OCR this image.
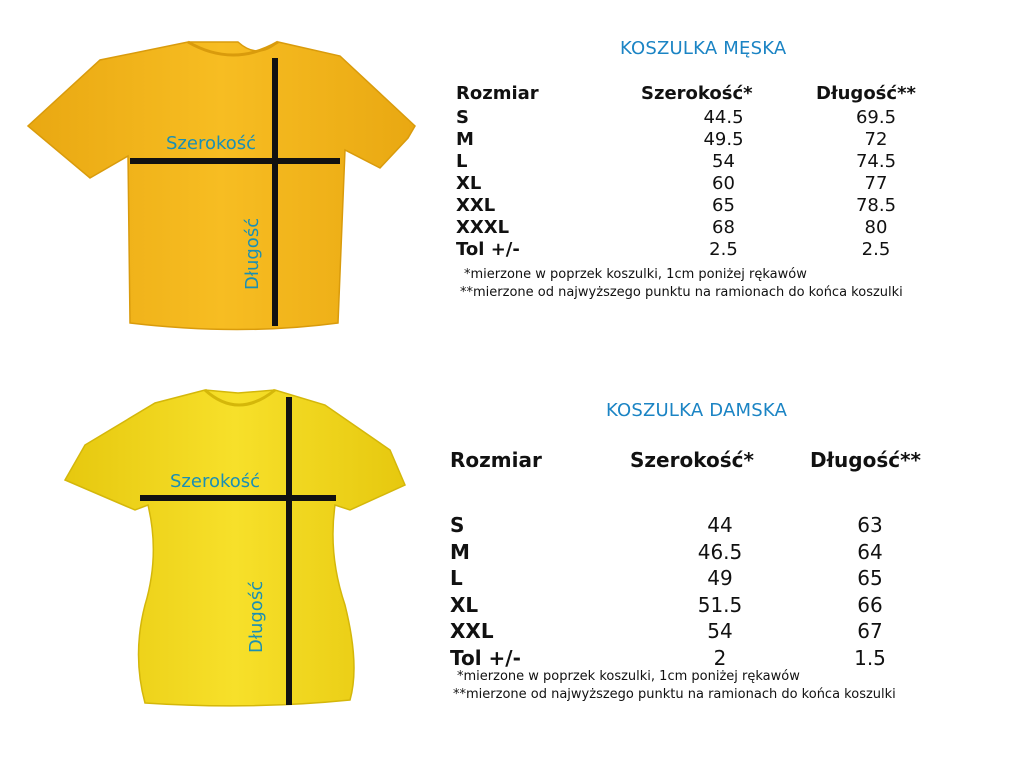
Szerokość
Długość
KOSZULKA MĘSKA
Rozmiar	Szerokość*	Długość**
S	44.5	69.5
M	49.5	72
L	54	74.5
XL	60	77
XXL	65	78.5
XXXL	68	80
Tol +/-	2.5	2.5
*mierzone w poprzek koszulki, 1cm poniżej rękawów
**mierzone od najwyższego punktu na ramionach do końca koszulki
Szerokość
Długość
KOSZULKA DAMSKA
Rozmiar	Szerokość*	Długość**

S	44	63
M	46.5	64
L	49	65
XL	51.5	66
XXL	54	67
Tol +/-	2	1.5
*mierzone w poprzek koszulki, 1cm poniżej rękawów
**mierzone od najwyższego punktu na ramionach do końca koszulki
